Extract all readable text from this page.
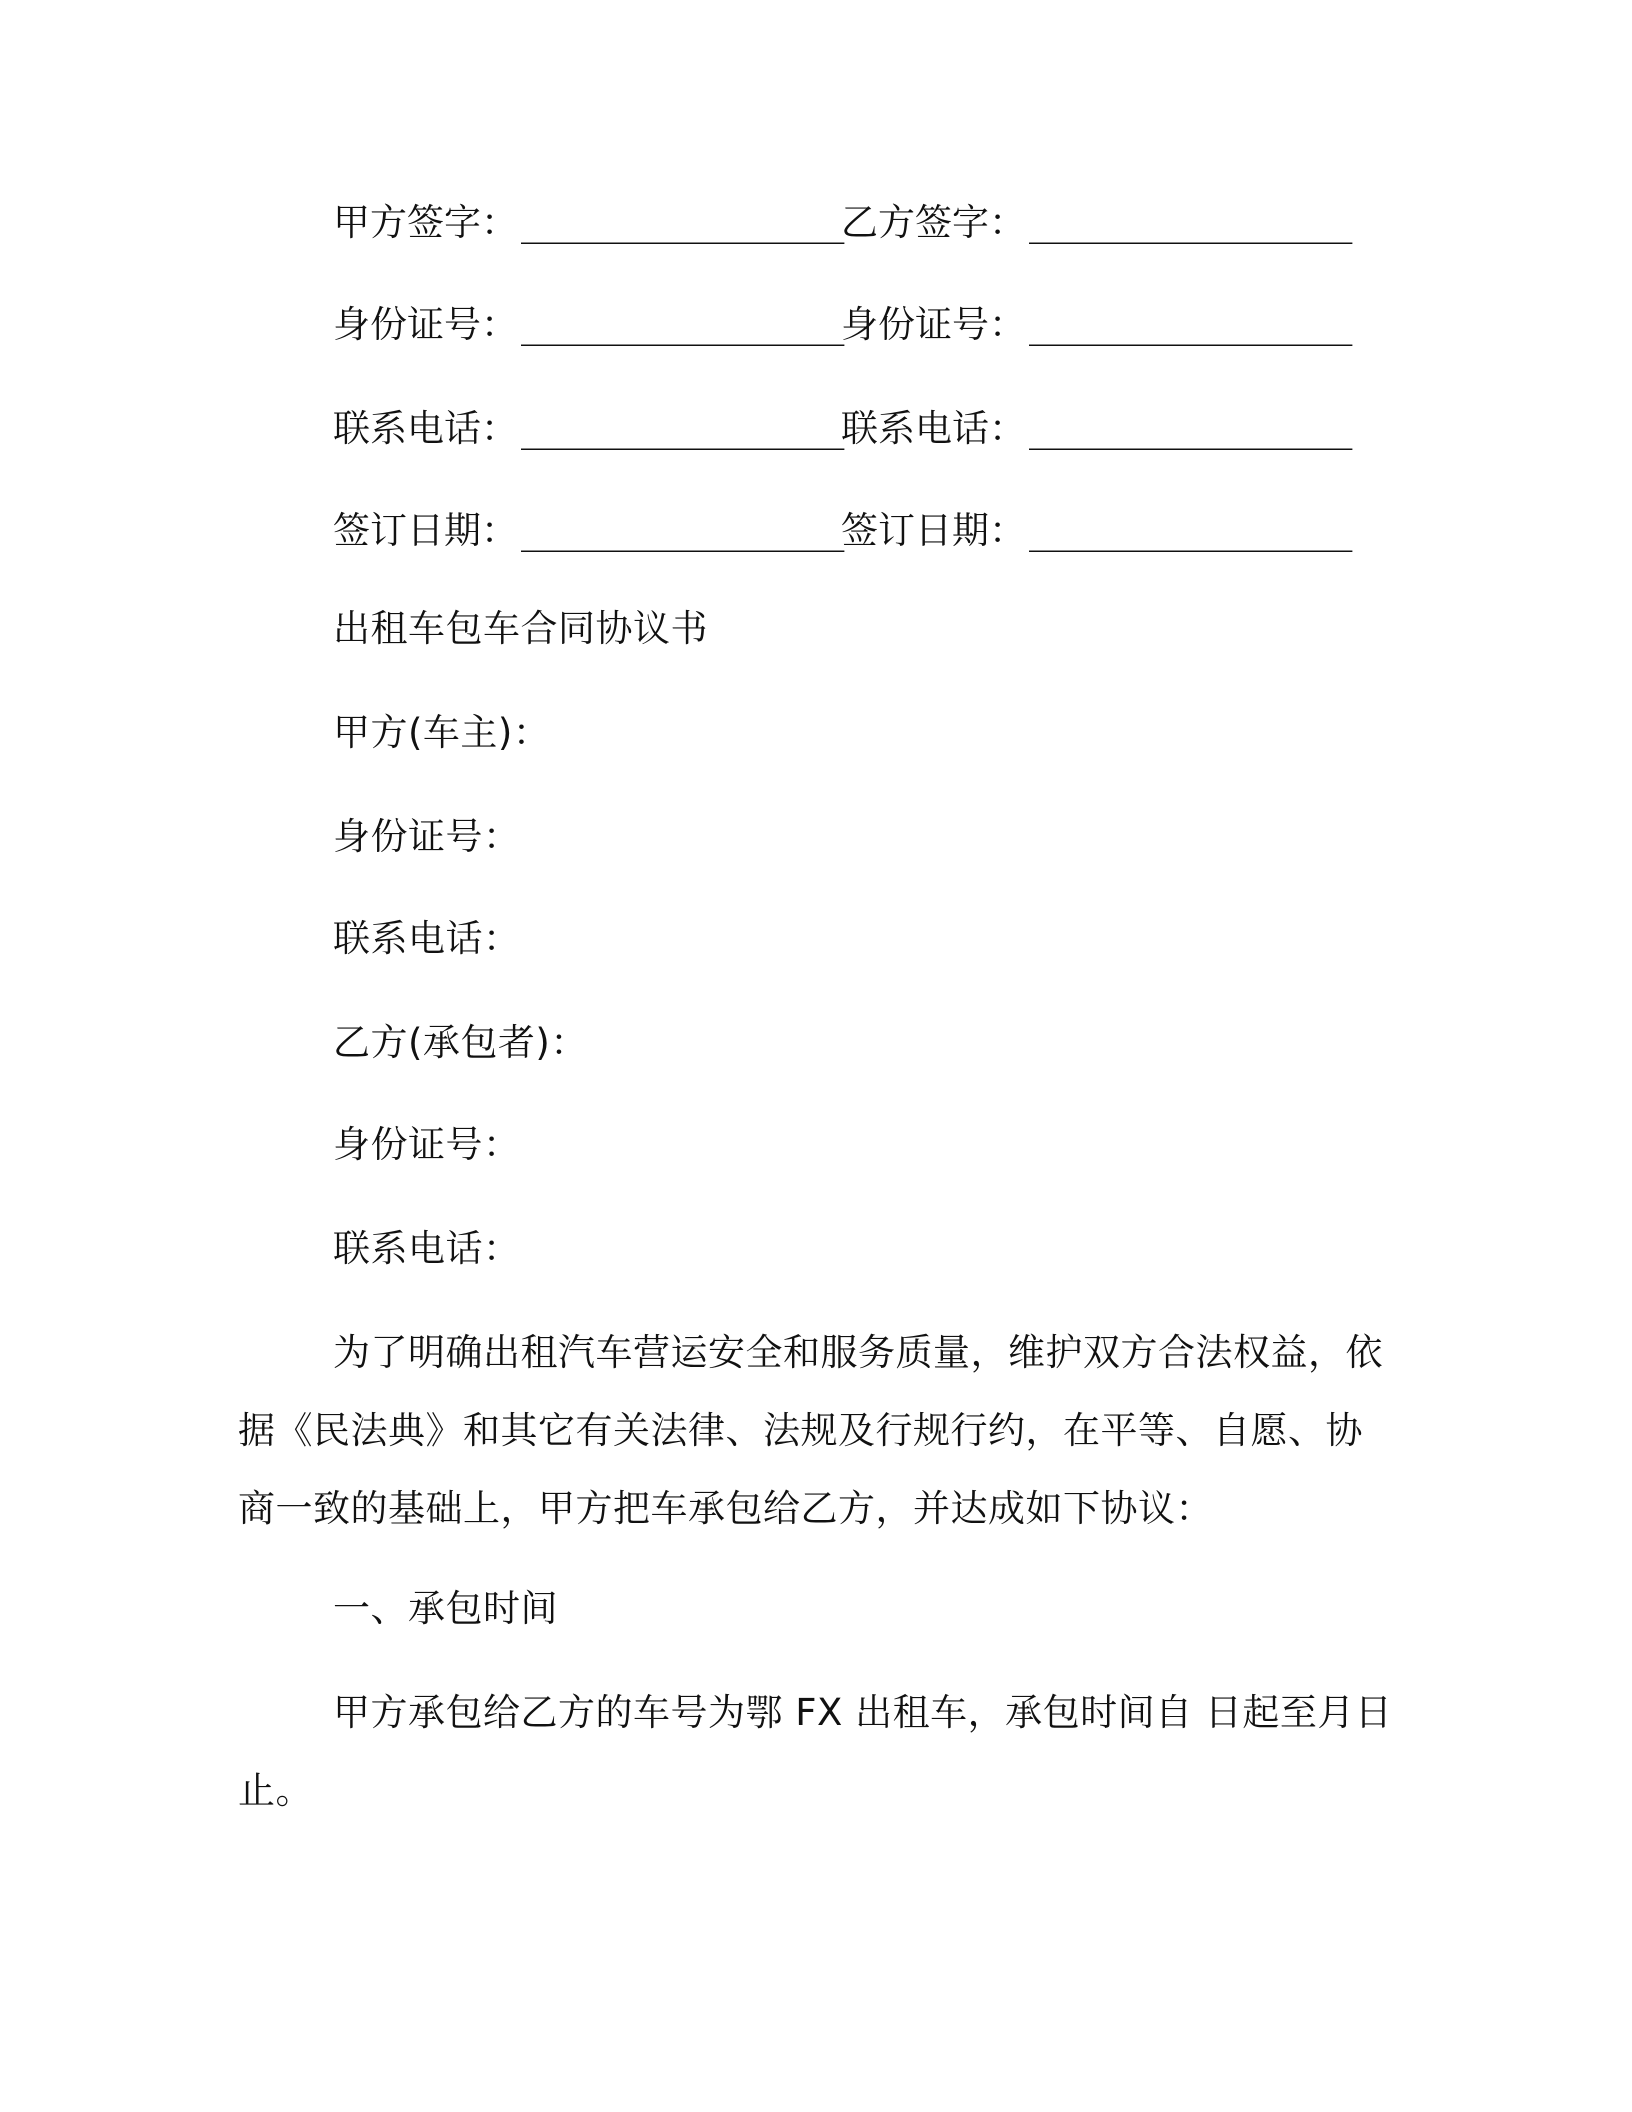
甲方签字： ________________
乙方签字： ________________
身份证号： ________________
身份证号： ________________
联系电话： ________________
联系电话： ________________
签订日期： ________________
签订日期： ________________
出租车包车合同协议书
甲方(车主)：
身份证号：
联系电话：
乙方(承包者)：
身份证号：
联系电话：
为了明确出租汽车营运安全和服务质量，维护双方合法权益，依
据《民法典》和其它有关法律、法规及行规行约，在平等、自愿、协
商一致的基础上，甲方把车承包给乙方，并达成如下协议：
一、承包时间
甲方承包给乙方的车号为鄂 FX 出租车，承包时间自 日起至月日
止。
